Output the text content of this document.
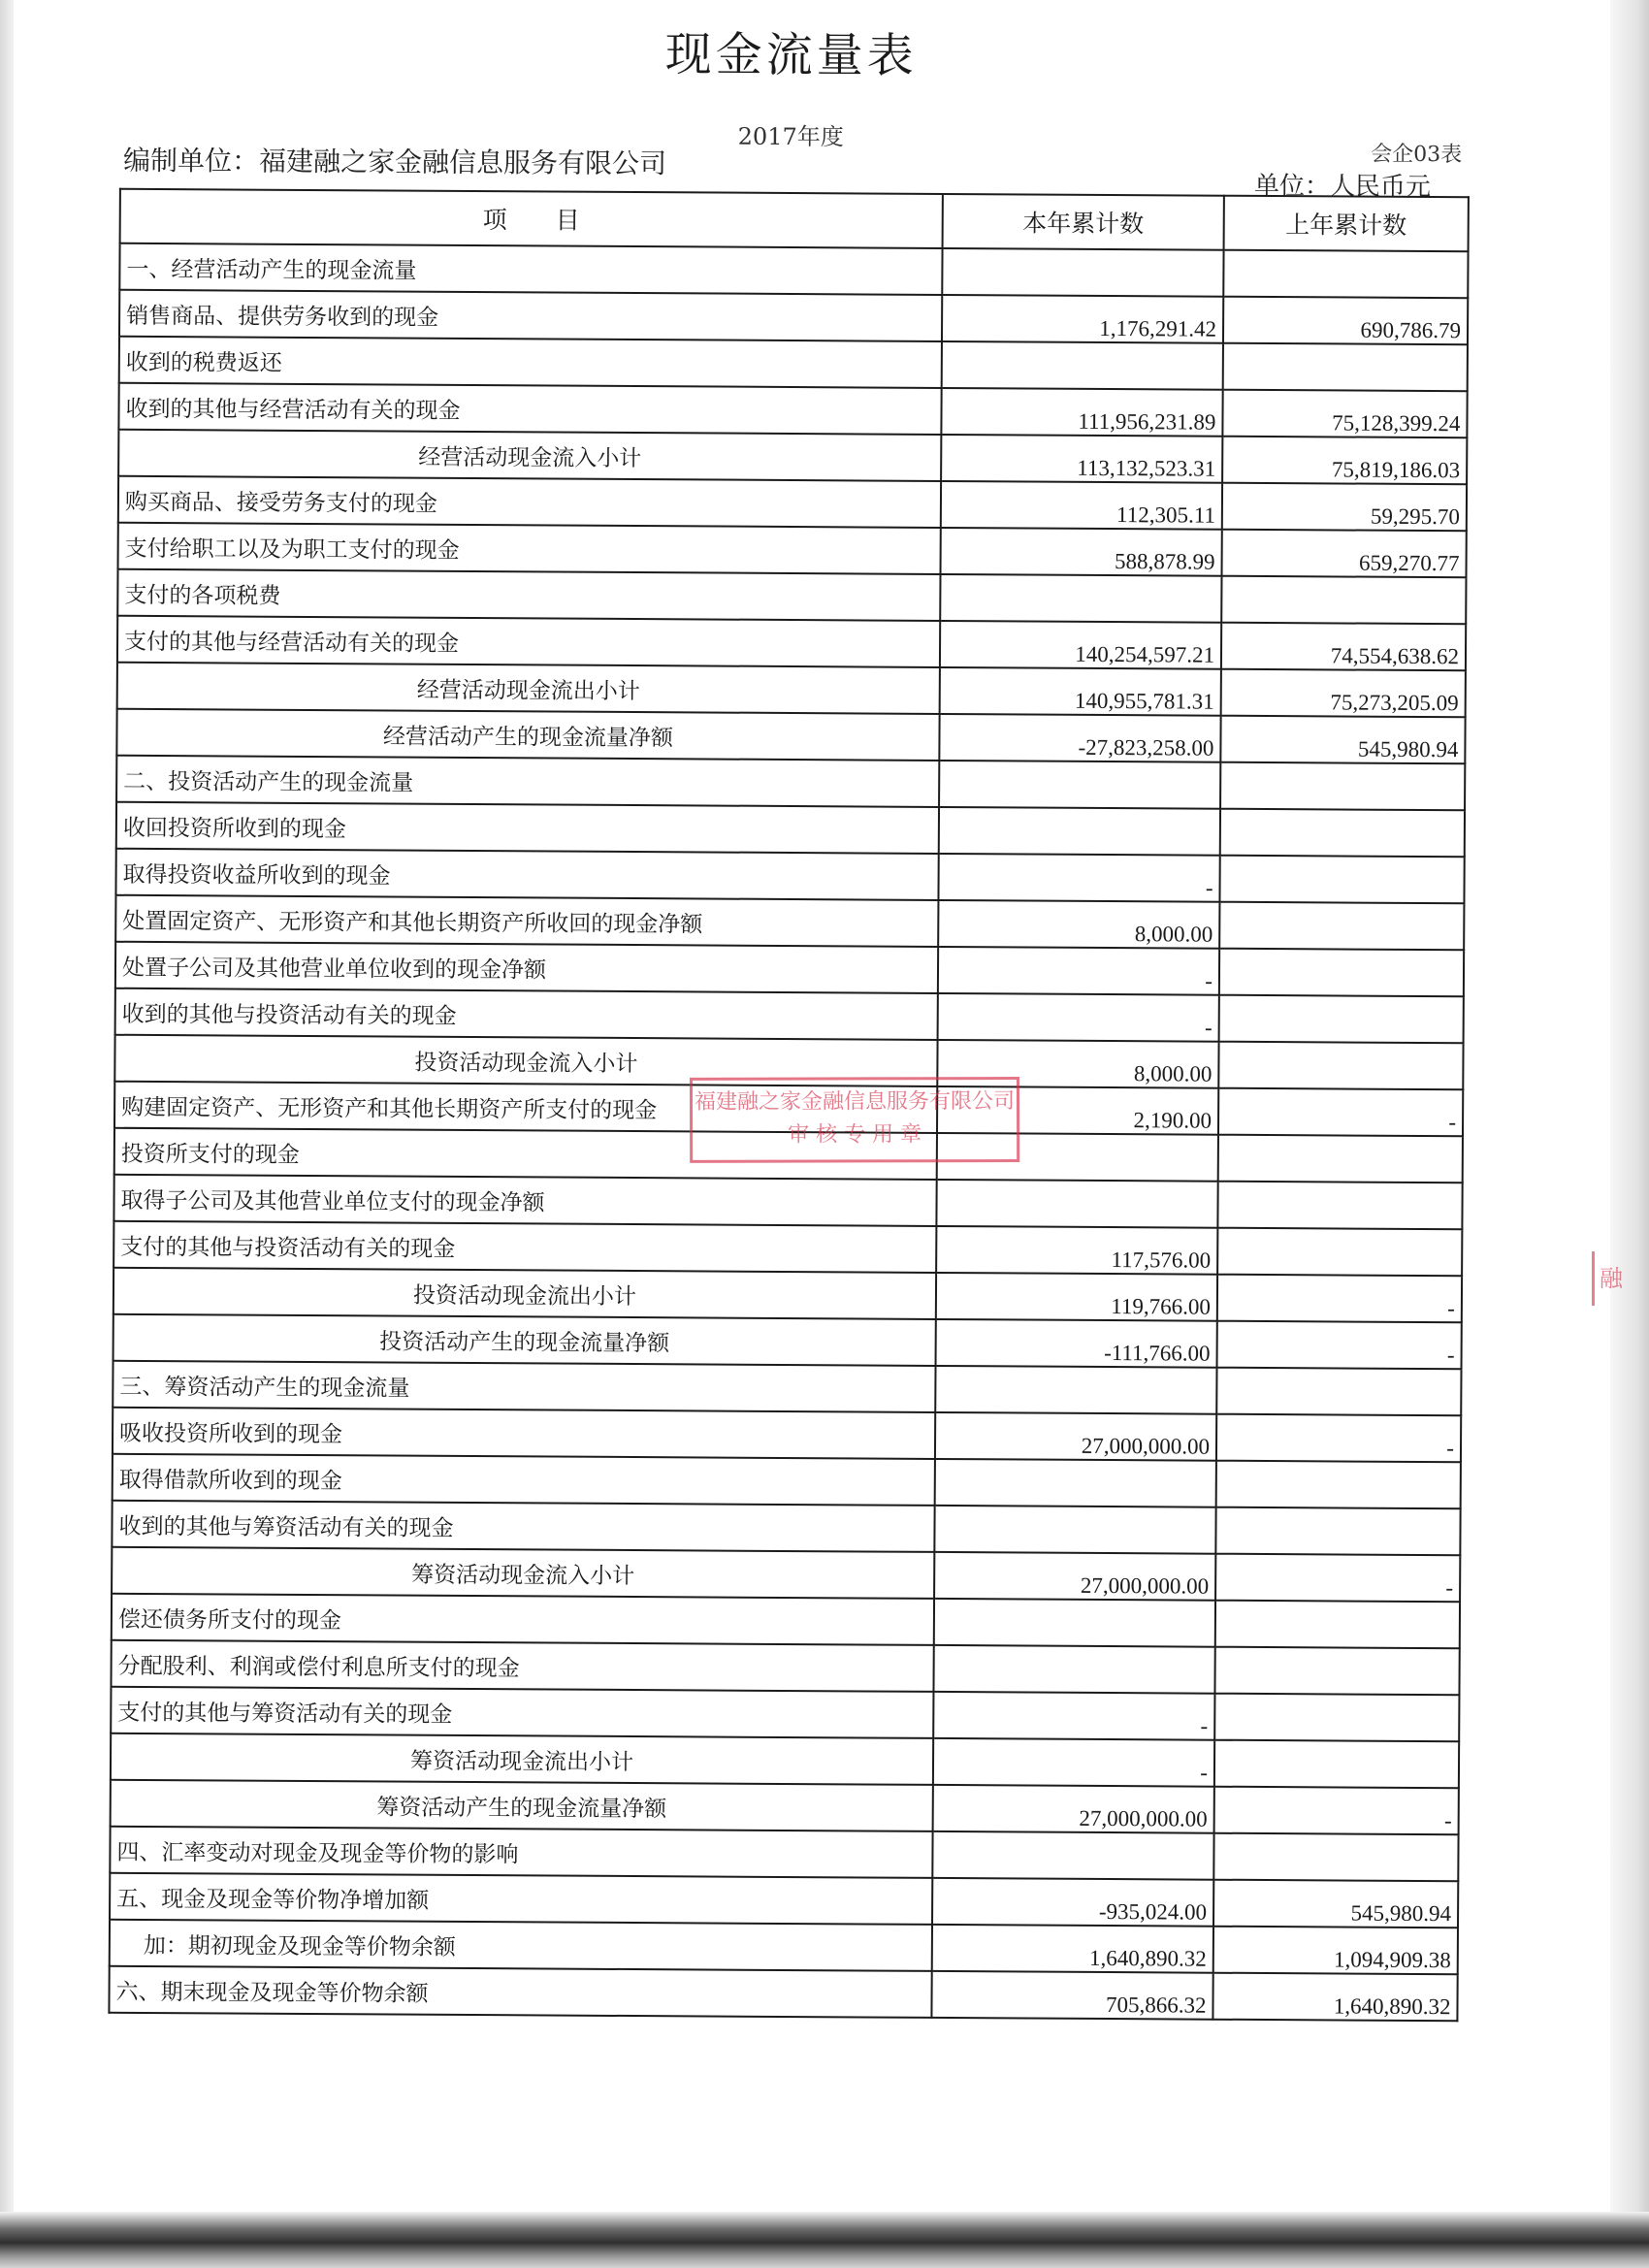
现金流量表
2017年度
会企03表
编制单位：福建融之家金融信息服务有限公司
单位：人民币元
项　　目	本年累计数	上年累计数
一、经营活动产生的现金流量		
销售商品、提供劳务收到的现金	1,176,291.42	690,786.79
收到的税费返还		
收到的其他与经营活动有关的现金	111,956,231.89	75,128,399.24
经营活动现金流入小计	113,132,523.31	75,819,186.03
购买商品、接受劳务支付的现金	112,305.11	59,295.70
支付给职工以及为职工支付的现金	588,878.99	659,270.77
支付的各项税费		
支付的其他与经营活动有关的现金	140,254,597.21	74,554,638.62
经营活动现金流出小计	140,955,781.31	75,273,205.09
经营活动产生的现金流量净额	-27,823,258.00	545,980.94
二、投资活动产生的现金流量		
收回投资所收到的现金		
取得投资收益所收到的现金	-	
处置固定资产、无形资产和其他长期资产所收回的现金净额	8,000.00	
处置子公司及其他营业单位收到的现金净额	-	
收到的其他与投资活动有关的现金	-	
投资活动现金流入小计	8,000.00	
购建固定资产、无形资产和其他长期资产所支付的现金	2,190.00	-
投资所支付的现金		
取得子公司及其他营业单位支付的现金净额		
支付的其他与投资活动有关的现金	117,576.00	
投资活动现金流出小计	119,766.00	-
投资活动产生的现金流量净额	-111,766.00	-
三、筹资活动产生的现金流量		
吸收投资所收到的现金	27,000,000.00	-
取得借款所收到的现金		
收到的其他与筹资活动有关的现金		
筹资活动现金流入小计	27,000,000.00	-
偿还债务所支付的现金		
分配股利、利润或偿付利息所支付的现金		
支付的其他与筹资活动有关的现金	-	
筹资活动现金流出小计	-	
筹资活动产生的现金流量净额	27,000,000.00	-
四、汇率变动对现金及现金等价物的影响		
五、现金及现金等价物净增加额	-935,024.00	545,980.94
加：期初现金及现金等价物余额	1,640,890.32	1,094,909.38
六、期末现金及现金等价物余额	705,866.32	1,640,890.32
福建融之家金融信息服务有限公司
审 核 专 用 章
融
